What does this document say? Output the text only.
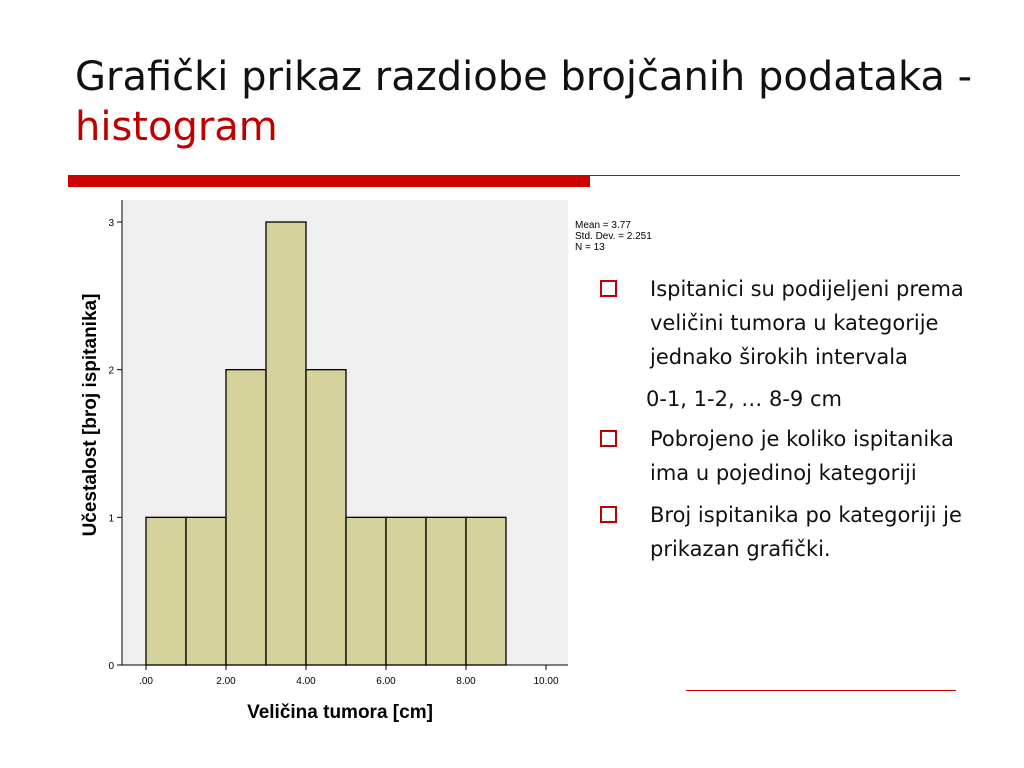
Grafički prikaz razdiobe brojčanih podataka -
histogram
Učestalost [broj ispitanika]
Veličina tumora [cm]
0
1
2
3
.00	2.00	4.00	6.00	8.00	10.00
Mean = 3.77
Std. Dev. = 2.251
N = 13
Ispitanici su podijeljeni prema veličini tumora u kategorije jednako širokih intervala
0-1, 1-2, … 8-9 cm
Pobrojeno je koliko ispitanika ima u pojedinoj kategoriji
Broj ispitanika po kategoriji je prikazan grafički.
